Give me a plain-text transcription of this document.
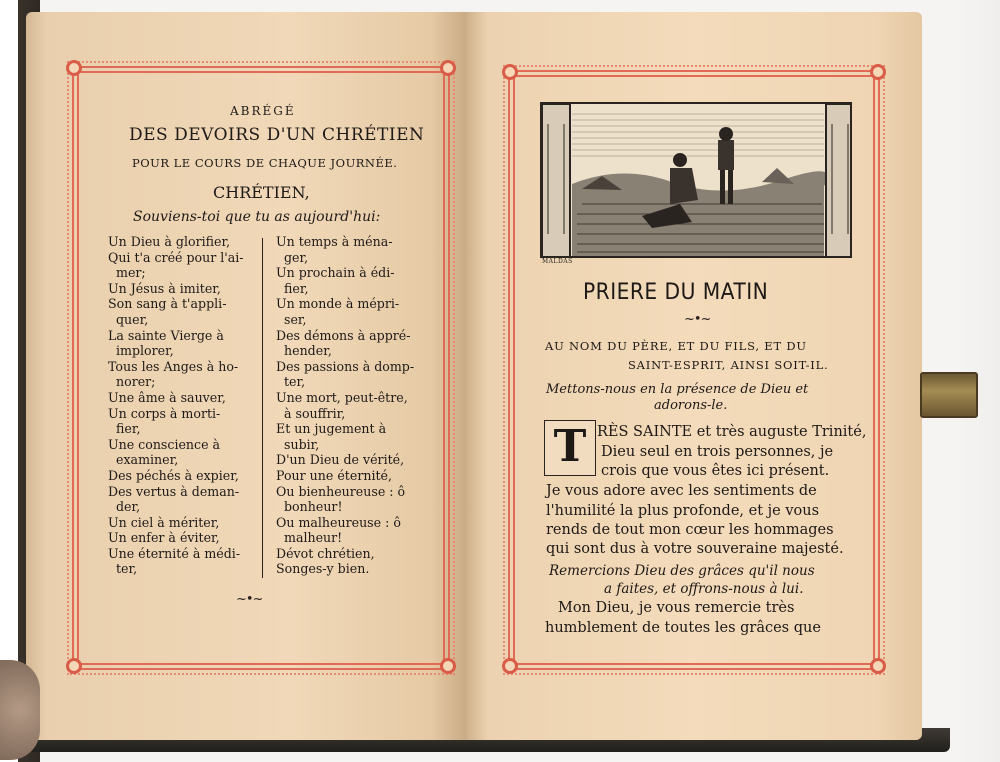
ABRÉGÉ
DES DEVOIRS D'UN CHRÉTIEN
POUR LE COURS DE CHAQUE JOURNÉE.
CHRÉTIEN,
Souviens-toi que tu as aujourd'hui:
Un Dieu à glorifier,
Qui t'a créé pour l'ai-
mer;
Un Jésus à imiter,
Son sang à t'appli-
quer,
La sainte Vierge à
implorer,
Tous les Anges à ho-
norer;
Une âme à sauver,
Un corps à morti-
fier,
Une conscience à
examiner,
Des péchés à expier,
Des vertus à deman-
der,
Un ciel à mériter,
Un enfer à éviter,
Une éternité à médi-
ter,
Un temps à ména-
ger,
Un prochain à édi-
fier,
Un monde à mépri-
ser,
Des démons à appré-
hender,
Des passions à domp-
ter,
Une mort, peut-être,
à souffrir,
Et un jugement à
subir,
D'un Dieu de vérité,
Pour une éternité,
Ou bienheureuse : ô
bonheur!
Ou malheureuse : ô
malheur!
Dévot chrétien,
Songes-y bien.
~•~
MALDAS
PRIERE DU MATIN
~•~
AU NOM DU PÈRE, ET DU FILS, ET DU
SAINT-ESPRIT, AINSI SOIT-IL.
Mettons-nous en la présence de Dieu et
adorons-le.
T RÈS SAINTE et très auguste Trinité,
Dieu seul en trois personnes, je
crois que vous êtes ici présent.
Je vous adore avec les sentiments de
l'humilité la plus profonde, et je vous
rends de tout mon cœur les hommages
qui sont dus à votre souveraine majesté.
Remercions Dieu des grâces qu'il nous
a faites, et offrons-nous à lui.
Mon Dieu, je vous remercie très
humblement de toutes les grâces que
